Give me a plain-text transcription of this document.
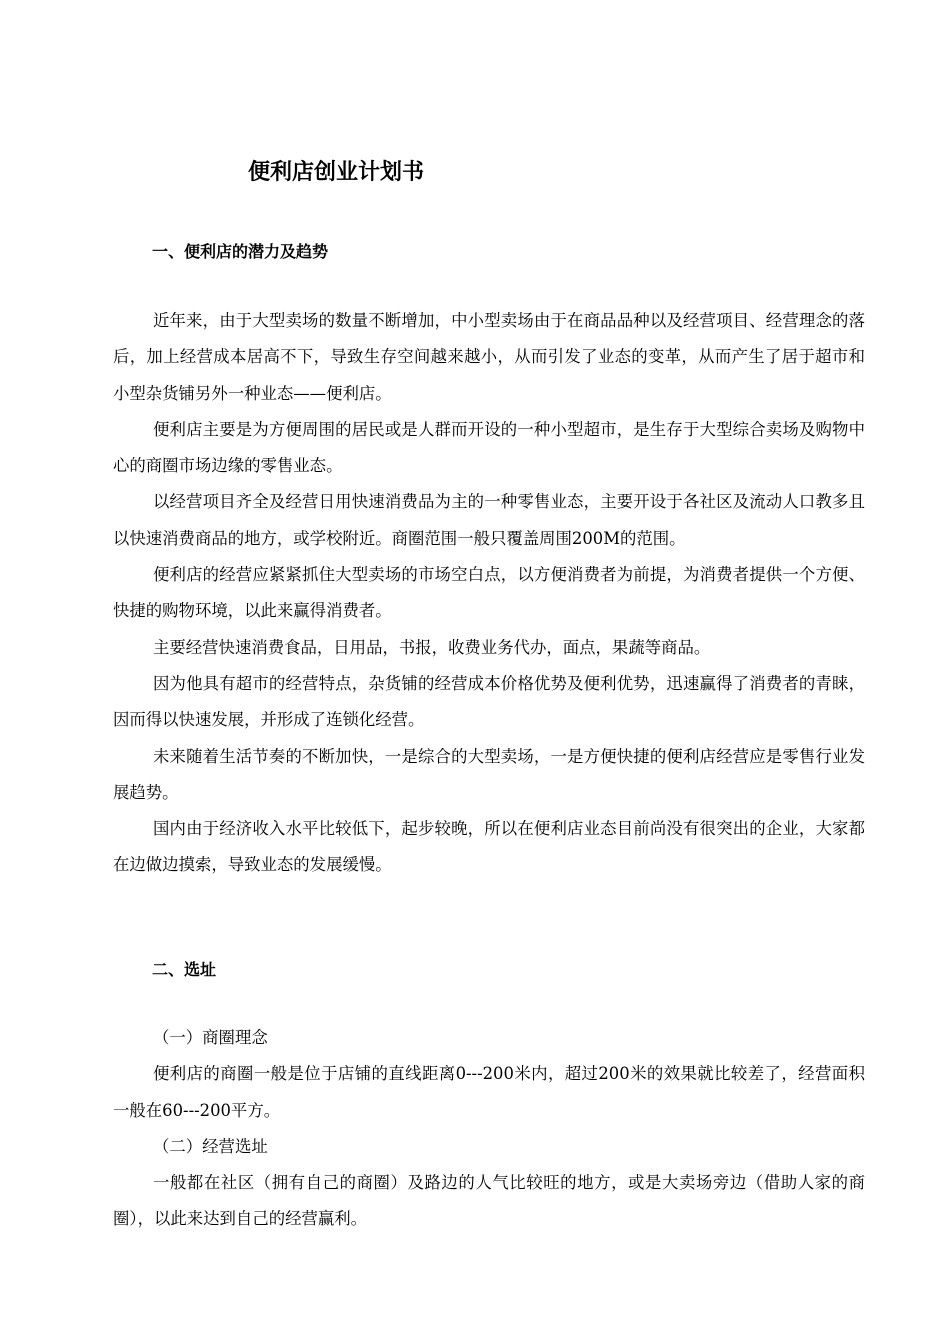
便利店创业计划书
一、便利店的潜力及趋势

近年来，由于大型卖场的数量不断增加，中小型卖场由于在商品品种以及经营项目、经营理念的落后，加上经营成本居高不下，导致生存空间越来越小，从而引发了业态的变革，从而产生了居于超市和小型杂货铺另外一种业态——便利店。

便利店主要是为方便周围的居民或是人群而开设的一种小型超市，是生存于大型综合卖场及购物中心的商圈市场边缘的零售业态。

以经营项目齐全及经营日用快速消费品为主的一种零售业态，主要开设于各社区及流动人口教多且以快速消费商品的地方，或学校附近。商圈范围一般只覆盖周围200M的范围。

便利店的经营应紧紧抓住大型卖场的市场空白点，以方便消费者为前提，为消费者提供一个方便、快捷的购物环境，以此来赢得消费者。

主要经营快速消费食品，日用品，书报，收费业务代办，面点，果蔬等商品。

因为他具有超市的经营特点，杂货铺的经营成本价格优势及便利优势，迅速赢得了消费者的青睐，因而得以快速发展，并形成了连锁化经营。

未来随着生活节奏的不断加快，一是综合的大型卖场，一是方便快捷的便利店经营应是零售行业发展趋势。

国内由于经济收入水平比较低下，起步较晚，所以在便利店业态目前尚没有很突出的企业，大家都在边做边摸索，导致业态的发展缓慢。

二、选址

（一）商圈理念

便利店的商圈一般是位于店铺的直线距离0---200米内，超过200米的效果就比较差了，经营面积一般在60---200平方。

（二）经营选址

一般都在社区（拥有自己的商圈）及路边的人气比较旺的地方，或是大卖场旁边（借助人家的商圈），以此来达到自己的经营赢利。
